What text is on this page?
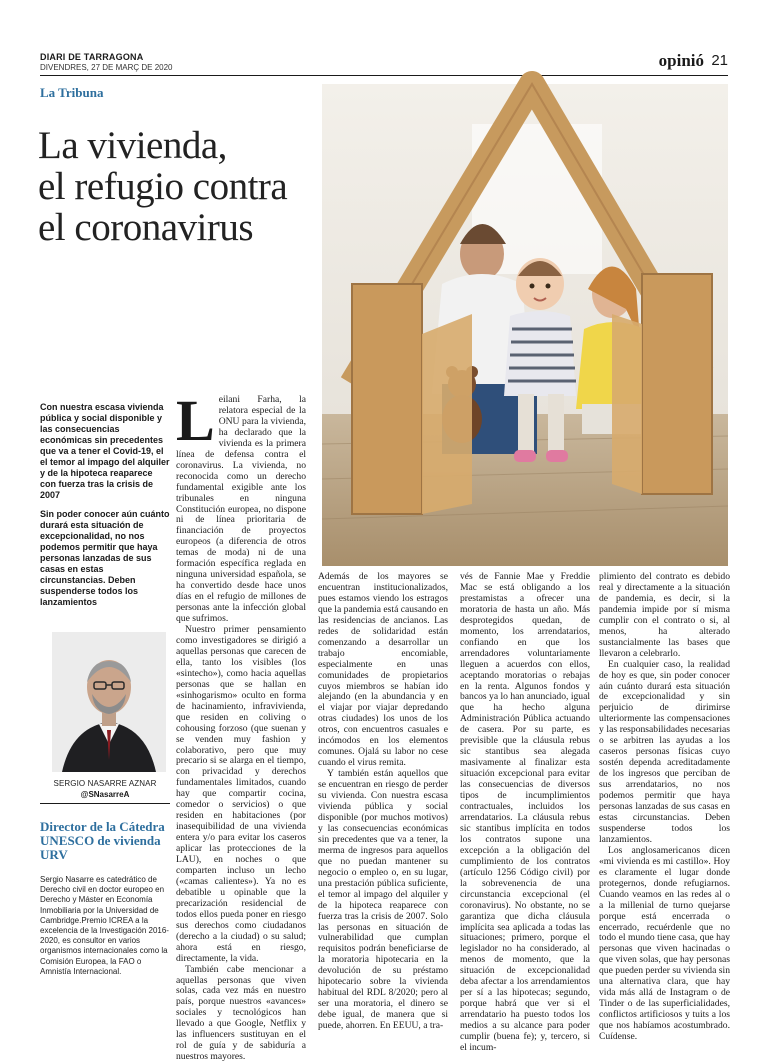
DIARI DE TARRAGONA
DIVENDRES, 27 DE MARÇ DE 2020	opinió 21
La Tribuna
La vivienda,
el refugio contra
el coronavirus

Con nuestra escasa vivienda pública y social disponible y las consecuencias económicas sin precedentes que va a tener el Covid-19, el el temor al impago del alquiler y de la hipoteca reaparece con fuerza tras la crisis de 2007

Sin poder conocer aún cuánto durará esta situación de excepcionalidad, no nos podemos permitir que haya personas lanzadas de sus casas en estas circunstancias. Deben suspenderse todos los lanzamientos

SERGIO NASARRE AZNAR
@SNasarreA
Director de la Cátedra UNESCO de vivienda URV
Sergio Nasarre es catedrático de Derecho civil en doctor europeo en Derecho y Máster en Economía Inmobiliaria por la Universidad de Cambridge.Premio ICREA a la excelencia de la Investigación 2016-2020, es consultor en varios organismos internacionales como la Comisión Europea, la FAO o Amnistía Internacional.
L eilani Farha, la relatora especial de la ONU para la vivienda, ha declarado que la vivienda es la primera línea de defensa contra el coronavirus. La vivienda, no reconocida como un derecho fundamental exigible ante los tribunales en ninguna Constitución europea, no dispone ni de línea prioritaria de financiación de proyectos europeos (a diferencia de otros temas de moda) ni de una formación específica reglada en ninguna universidad española, se ha convertido desde hace unos días en el refugio de millones de personas ante la infección global que sufrimos.

Nuestro primer pensamiento como investigadores se dirigió a aquellas personas que carecen de ella, tanto los visibles (los «sintecho»), como hacia aquellas personas que se hallan en «sinhogarismo» oculto en forma de hacinamiento, infravivienda, que residen en coliving o cohousing forzoso (que suenan y se venden muy fashion y colaborativo, pero que muy precario si se alarga en el tiempo, con privacidad y derechos fundamentales limitados, cuando hay que compartir cocina, comedor o servicios) o que residen en habitaciones (por inasequibilidad de una vivienda entera y/o para evitar los caseros aplicar las protecciones de la LAU), en noches o que comparten incluso un lecho («camas calientes»). Ya no es debatible u opinable que la precarización residencial de todos ellos pueda poner en riesgo sus derechos como ciudadanos (derecho a la ciudad) o su salud; ahora está en riesgo, directamente, la vida.

También cabe mencionar a aquellas personas que viven solas, cada vez más en nuestro país, porque nuestros «avances» sociales y tecnológicos han llevado a que Google, Netflix y las influencers sustituyan en el rol de guía y de sabiduría a nuestros mayores.

Además de los mayores se encuentran institucionalizados, pues estamos viendo los estragos que la pandemia está causando en las residencias de ancianos. Las redes de solidaridad están comenzando a desarrollar un trabajo encomiable, especialmente en unas comunidades de propietarios cuyos miembros se habían ido alejando (en la abundancia y en el viajar por viajar depredando otras ciudades) los unos de los otros, con encuentros casuales e incómodos en los elementos comunes. Ojalá su labor no cese cuando el virus remita.

Y también están aquellos que se encuentran en riesgo de perder su vivienda. Con nuestra escasa vivienda pública y social disponible (por muchos motivos) y las consecuencias económicas sin precedentes que va a tener, la merma de ingresos para aquellos que no puedan mantener su negocio o empleo o, en su lugar, una prestación pública suficiente, el temor al impago del alquiler y de la hipoteca reaparece con fuerza tras la crisis de 2007. Solo las personas en situación de vulnerabilidad que cumplan requisitos podrán beneficiarse de la moratoria hipotecaria en la devolución de su préstamo hipotecario sobre la vivienda habitual del RDL 8/2020; pero al ser una moratoria, el dinero se debe igual, de manera que si puede, ahorren. En EEUU, a tra-

vés de Fannie Mae y Freddie Mac se está obligando a los prestamistas a ofrecer una moratoria de hasta un año. Más desprotegidos quedan, de momento, los arrendatarios, confiando en que los arrendadores voluntariamente lleguen a acuerdos con ellos, aceptando moratorias o rebajas en la renta. Algunos fondos y bancos ya lo han anunciado, igual que ha hecho alguna Administración Pública actuando de casera. Por su parte, es previsible que la cláusula rebus sic stantibus sea alegada masivamente al finalizar esta situación excepcional para evitar las consecuencias de diversos tipos de incumplimientos contractuales, incluidos los arrendatarios. La cláusula rebus sic stantibus implícita en todos los contratos supone una excepción a la obligación del cumplimiento de los contratos (artículo 1256 Código civil) por la sobrevenencia de una circunstancia excepcional (el coronavirus). No obstante, no se garantiza que dicha cláusula implícita sea aplicada a todas las situaciones; primero, porque el legislador no ha considerado, al menos de momento, que la situación de excepcionalidad deba afectar a los arrendamientos per sí a las hipotecas; segundo, porque habrá que ver si el arrendatario ha puesto todos los medios a su alcance para poder cumplir (buena fe); y, tercero, si el incum-

plimiento del contrato es debido real y directamente a la situación de pandemia, es decir, si la pandemia impide por sí misma cumplir con el contrato o si, al menos, ha alterado sustancialmente las bases que llevaron a celebrarlo.

En cualquier caso, la realidad de hoy es que, sin poder conocer aún cuánto durará esta situación de excepcionalidad y sin perjuicio de dirimirse ulteriormente las compensaciones y las responsabilidades necesarias o se arbitren las ayudas a los caseros personas físicas cuyo sostén dependa acreditadamente de los ingresos que perciban de sus arrendatarios, no nos podemos permitir que haya personas lanzadas de sus casas en estas circunstancias. Deben suspenderse todos los lanzamientos.

Los anglosamericanos dicen «mi vivienda es mi castillo». Hoy es claramente el lugar donde protegernos, donde refugiarnos. Cuando veamos en las redes al o a la millenial de turno quejarse porque está encerrada o encerrado, recuérdenle que no todo el mundo tiene casa, que hay personas que viven hacinadas o que viven solas, que hay personas que pueden perder su vivienda sin una alternativa clara, que hay vida más allá de Instagram o de Tinder o de las superficialidades, conflictos artificiosos y tuits a los que nos habíamos acostumbrado. Cuídense.
